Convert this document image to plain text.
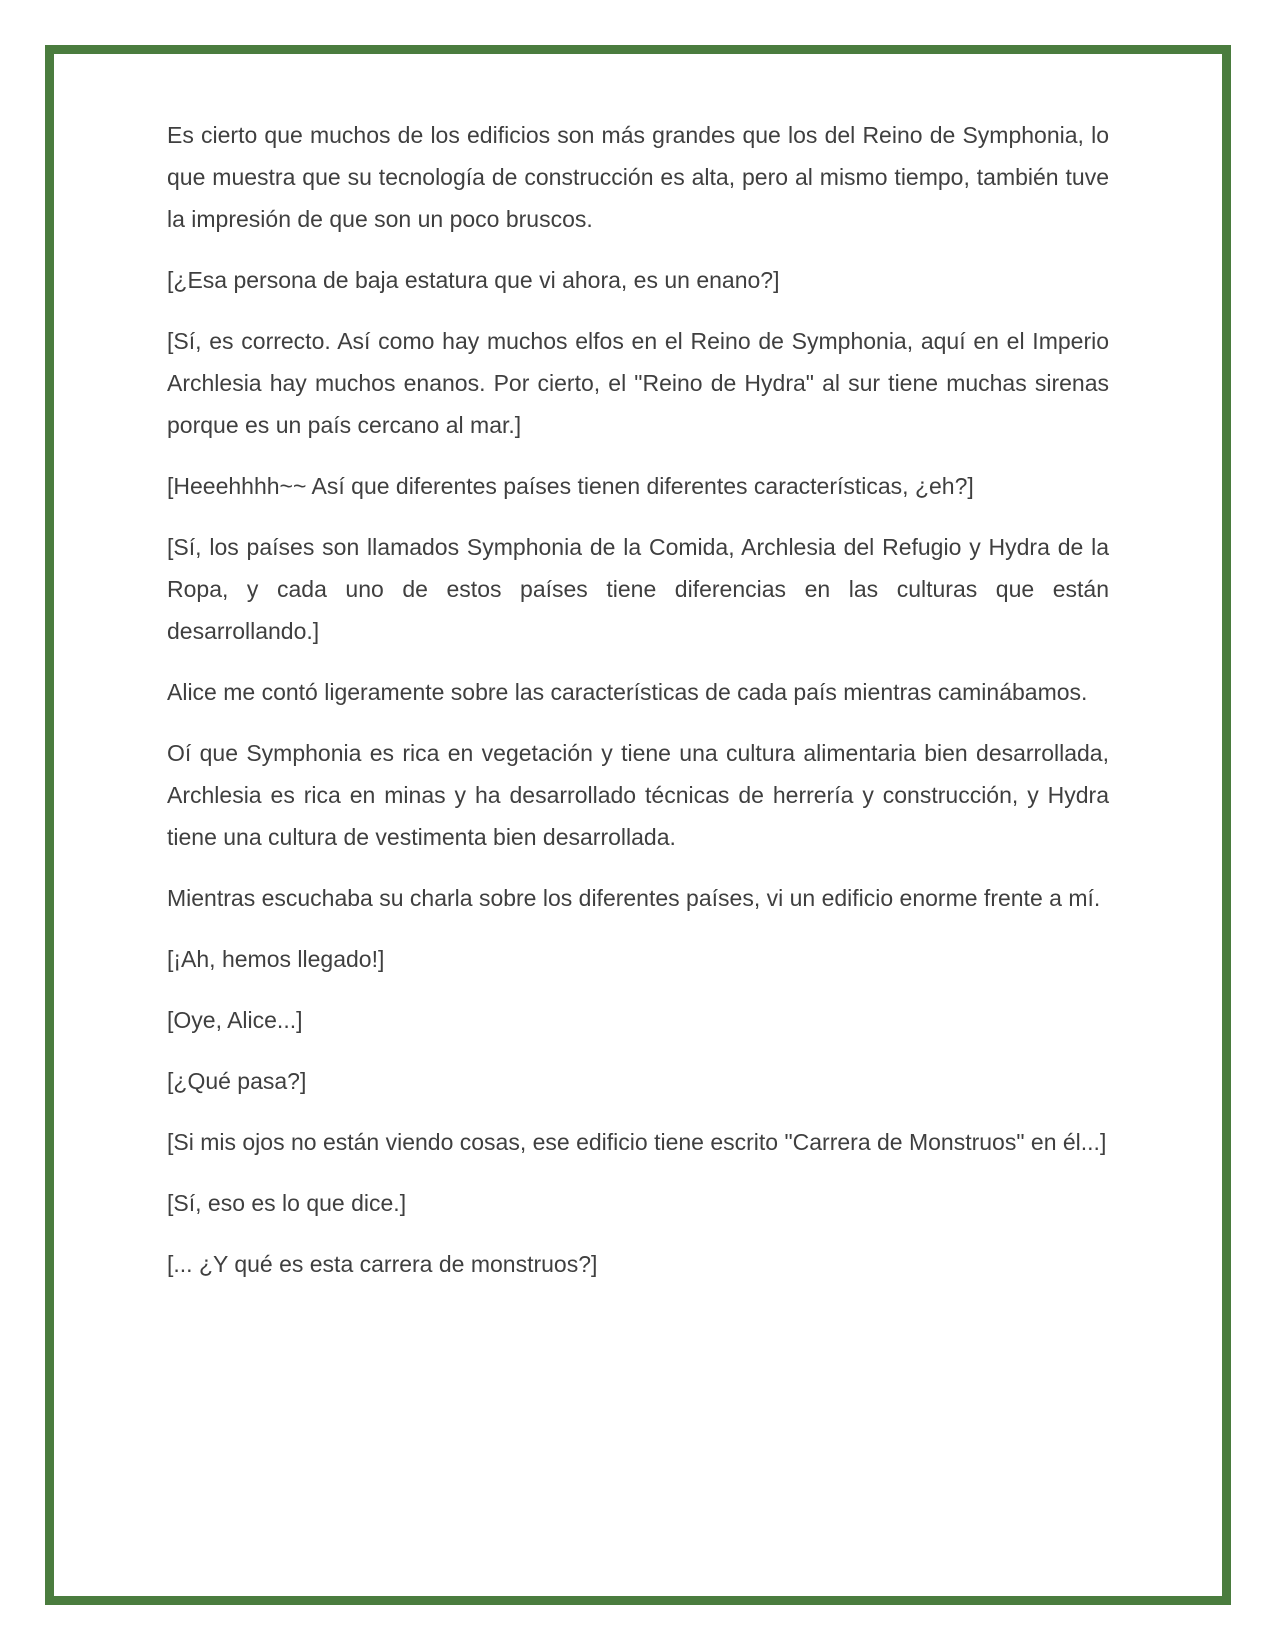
Es cierto que muchos de los edificios son más grandes que los del Reino de Symphonia, lo que muestra que su tecnología de construcción es alta, pero al mismo tiempo, también tuve la impresión de que son un poco bruscos.

[¿Esa persona de baja estatura que vi ahora, es un enano?]

[Sí, es correcto. Así como hay muchos elfos en el Reino de Symphonia, aquí en el Imperio Archlesia hay muchos enanos. Por cierto, el "Reino de Hydra" al sur tiene muchas sirenas porque es un país cercano al mar.]

[Heeehhhh~~ Así que diferentes países tienen diferentes características, ¿eh?]

[Sí, los países son llamados Symphonia de la Comida, Archlesia del Refugio y Hydra de la Ropa, y cada uno de estos países tiene diferencias en las culturas que están desarrollando.]

Alice me contó ligeramente sobre las características de cada país mientras caminábamos.

Oí que Symphonia es rica en vegetación y tiene una cultura alimentaria bien desarrollada, Archlesia es rica en minas y ha desarrollado técnicas de herrería y construcción, y Hydra tiene una cultura de vestimenta bien desarrollada.

Mientras escuchaba su charla sobre los diferentes países, vi un edificio enorme frente a mí.

[¡Ah, hemos llegado!]

[Oye, Alice...]

[¿Qué pasa?]

[Si mis ojos no están viendo cosas, ese edificio tiene escrito "Carrera de Monstruos" en él...]

[Sí, eso es lo que dice.]

[... ¿Y qué es esta carrera de monstruos?]
